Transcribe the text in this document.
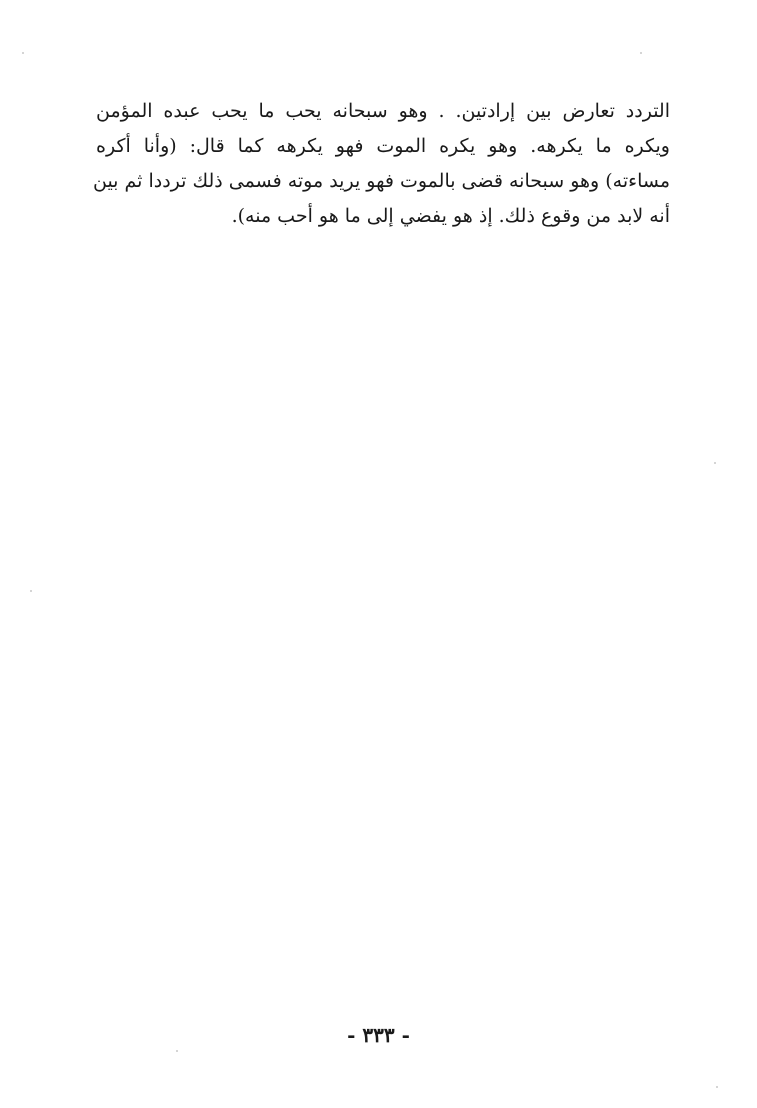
التردد تعارض بين إرادتين. . وهو سبحانه يحب ما يحب عبده المؤمن
ويكره ما يكرهه. وهو يكره الموت فهو يكرهه كما قال: (وأنا أكره
مساءته) وهو سبحانه قضى بالموت فهو يريد موته فسمى ذلك ترددا ثم بين
أنه لابد من وقوع ذلك. إذ هو يفضي إلى ما هو أحب منه).
- ٣٣٣ -
